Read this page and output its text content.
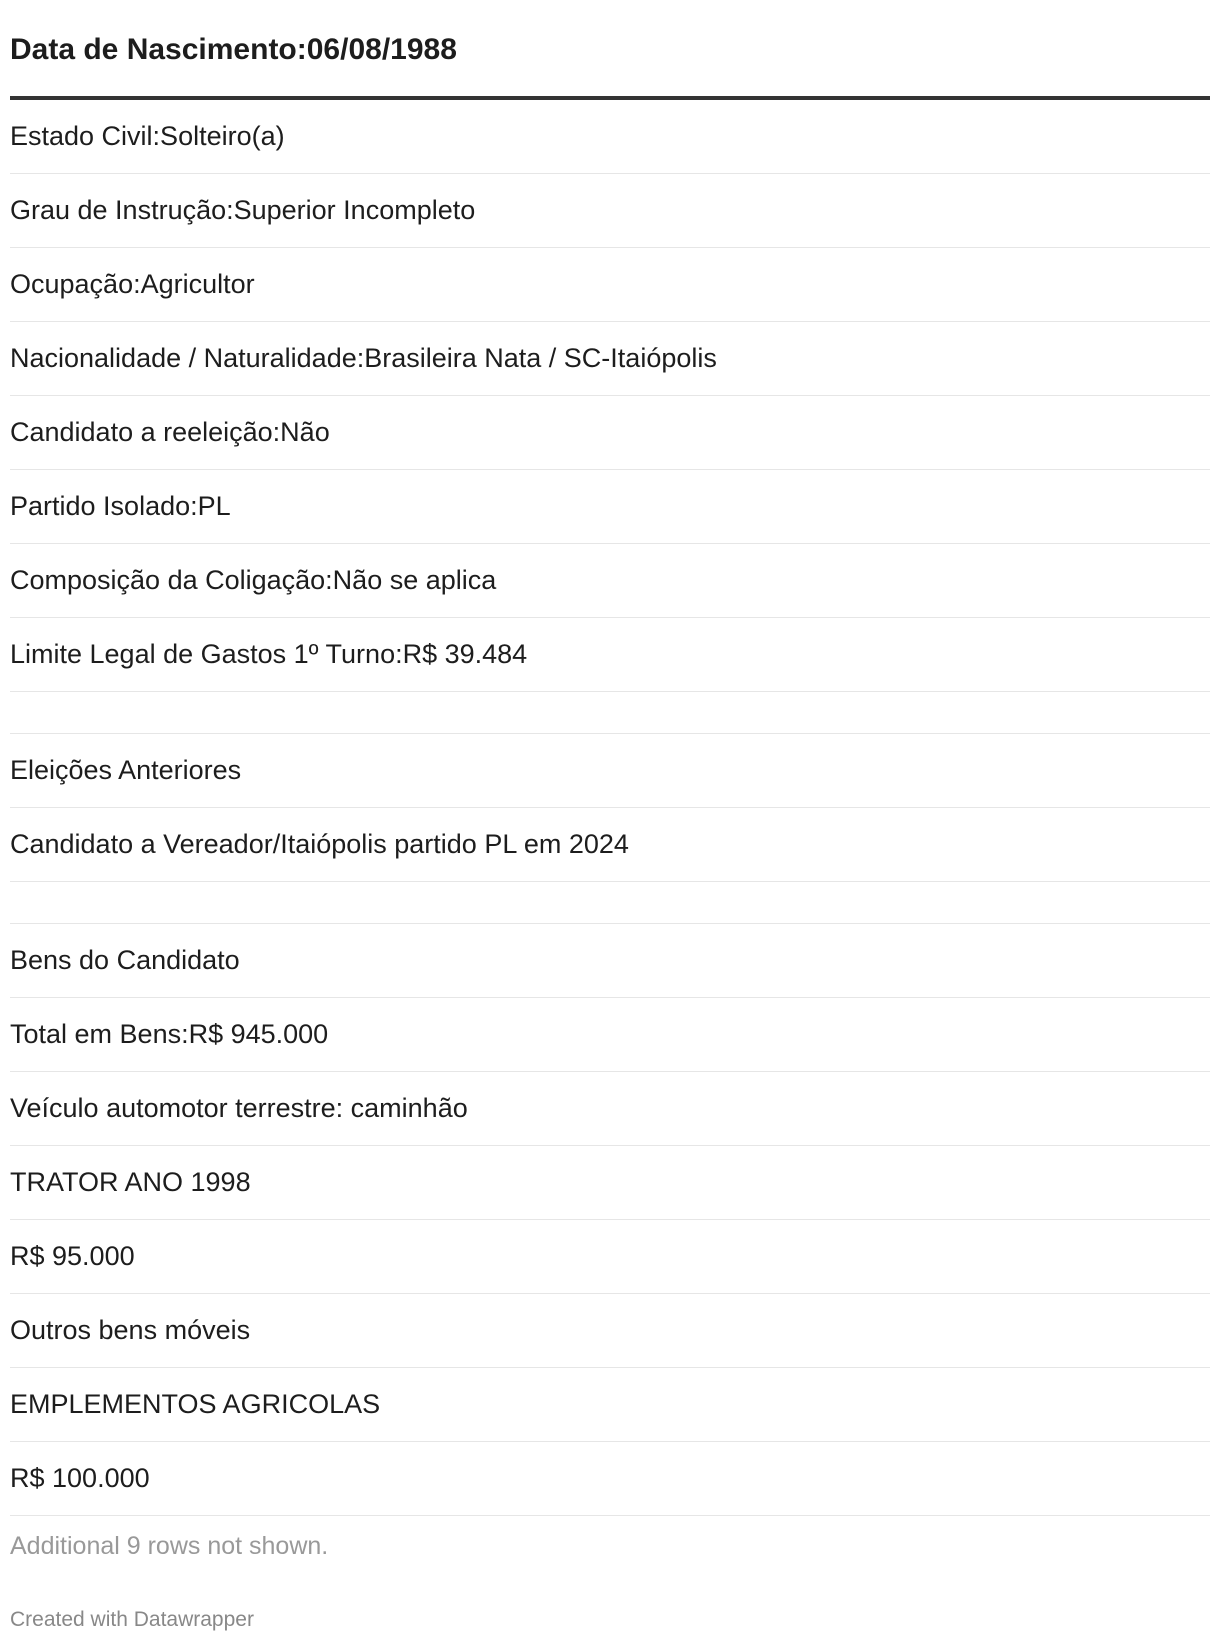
Data de Nascimento:06/08/1988
Estado Civil:Solteiro(a)
Grau de Instrução:Superior Incompleto
Ocupação:Agricultor
Nacionalidade / Naturalidade:Brasileira Nata / SC-Itaiópolis
Candidato a reeleição:Não
Partido Isolado:PL
Composição da Coligação:Não se aplica
Limite Legal de Gastos 1º Turno:R$ 39.484
Eleições Anteriores
Candidato a Vereador/Itaiópolis partido PL em 2024
Bens do Candidato
Total em Bens:R$ 945.000
Veículo automotor terrestre: caminhão
TRATOR ANO 1998
R$ 95.000
Outros bens móveis
EMPLEMENTOS AGRICOLAS
R$ 100.000
Additional 9 rows not shown.
Created with Datawrapper
